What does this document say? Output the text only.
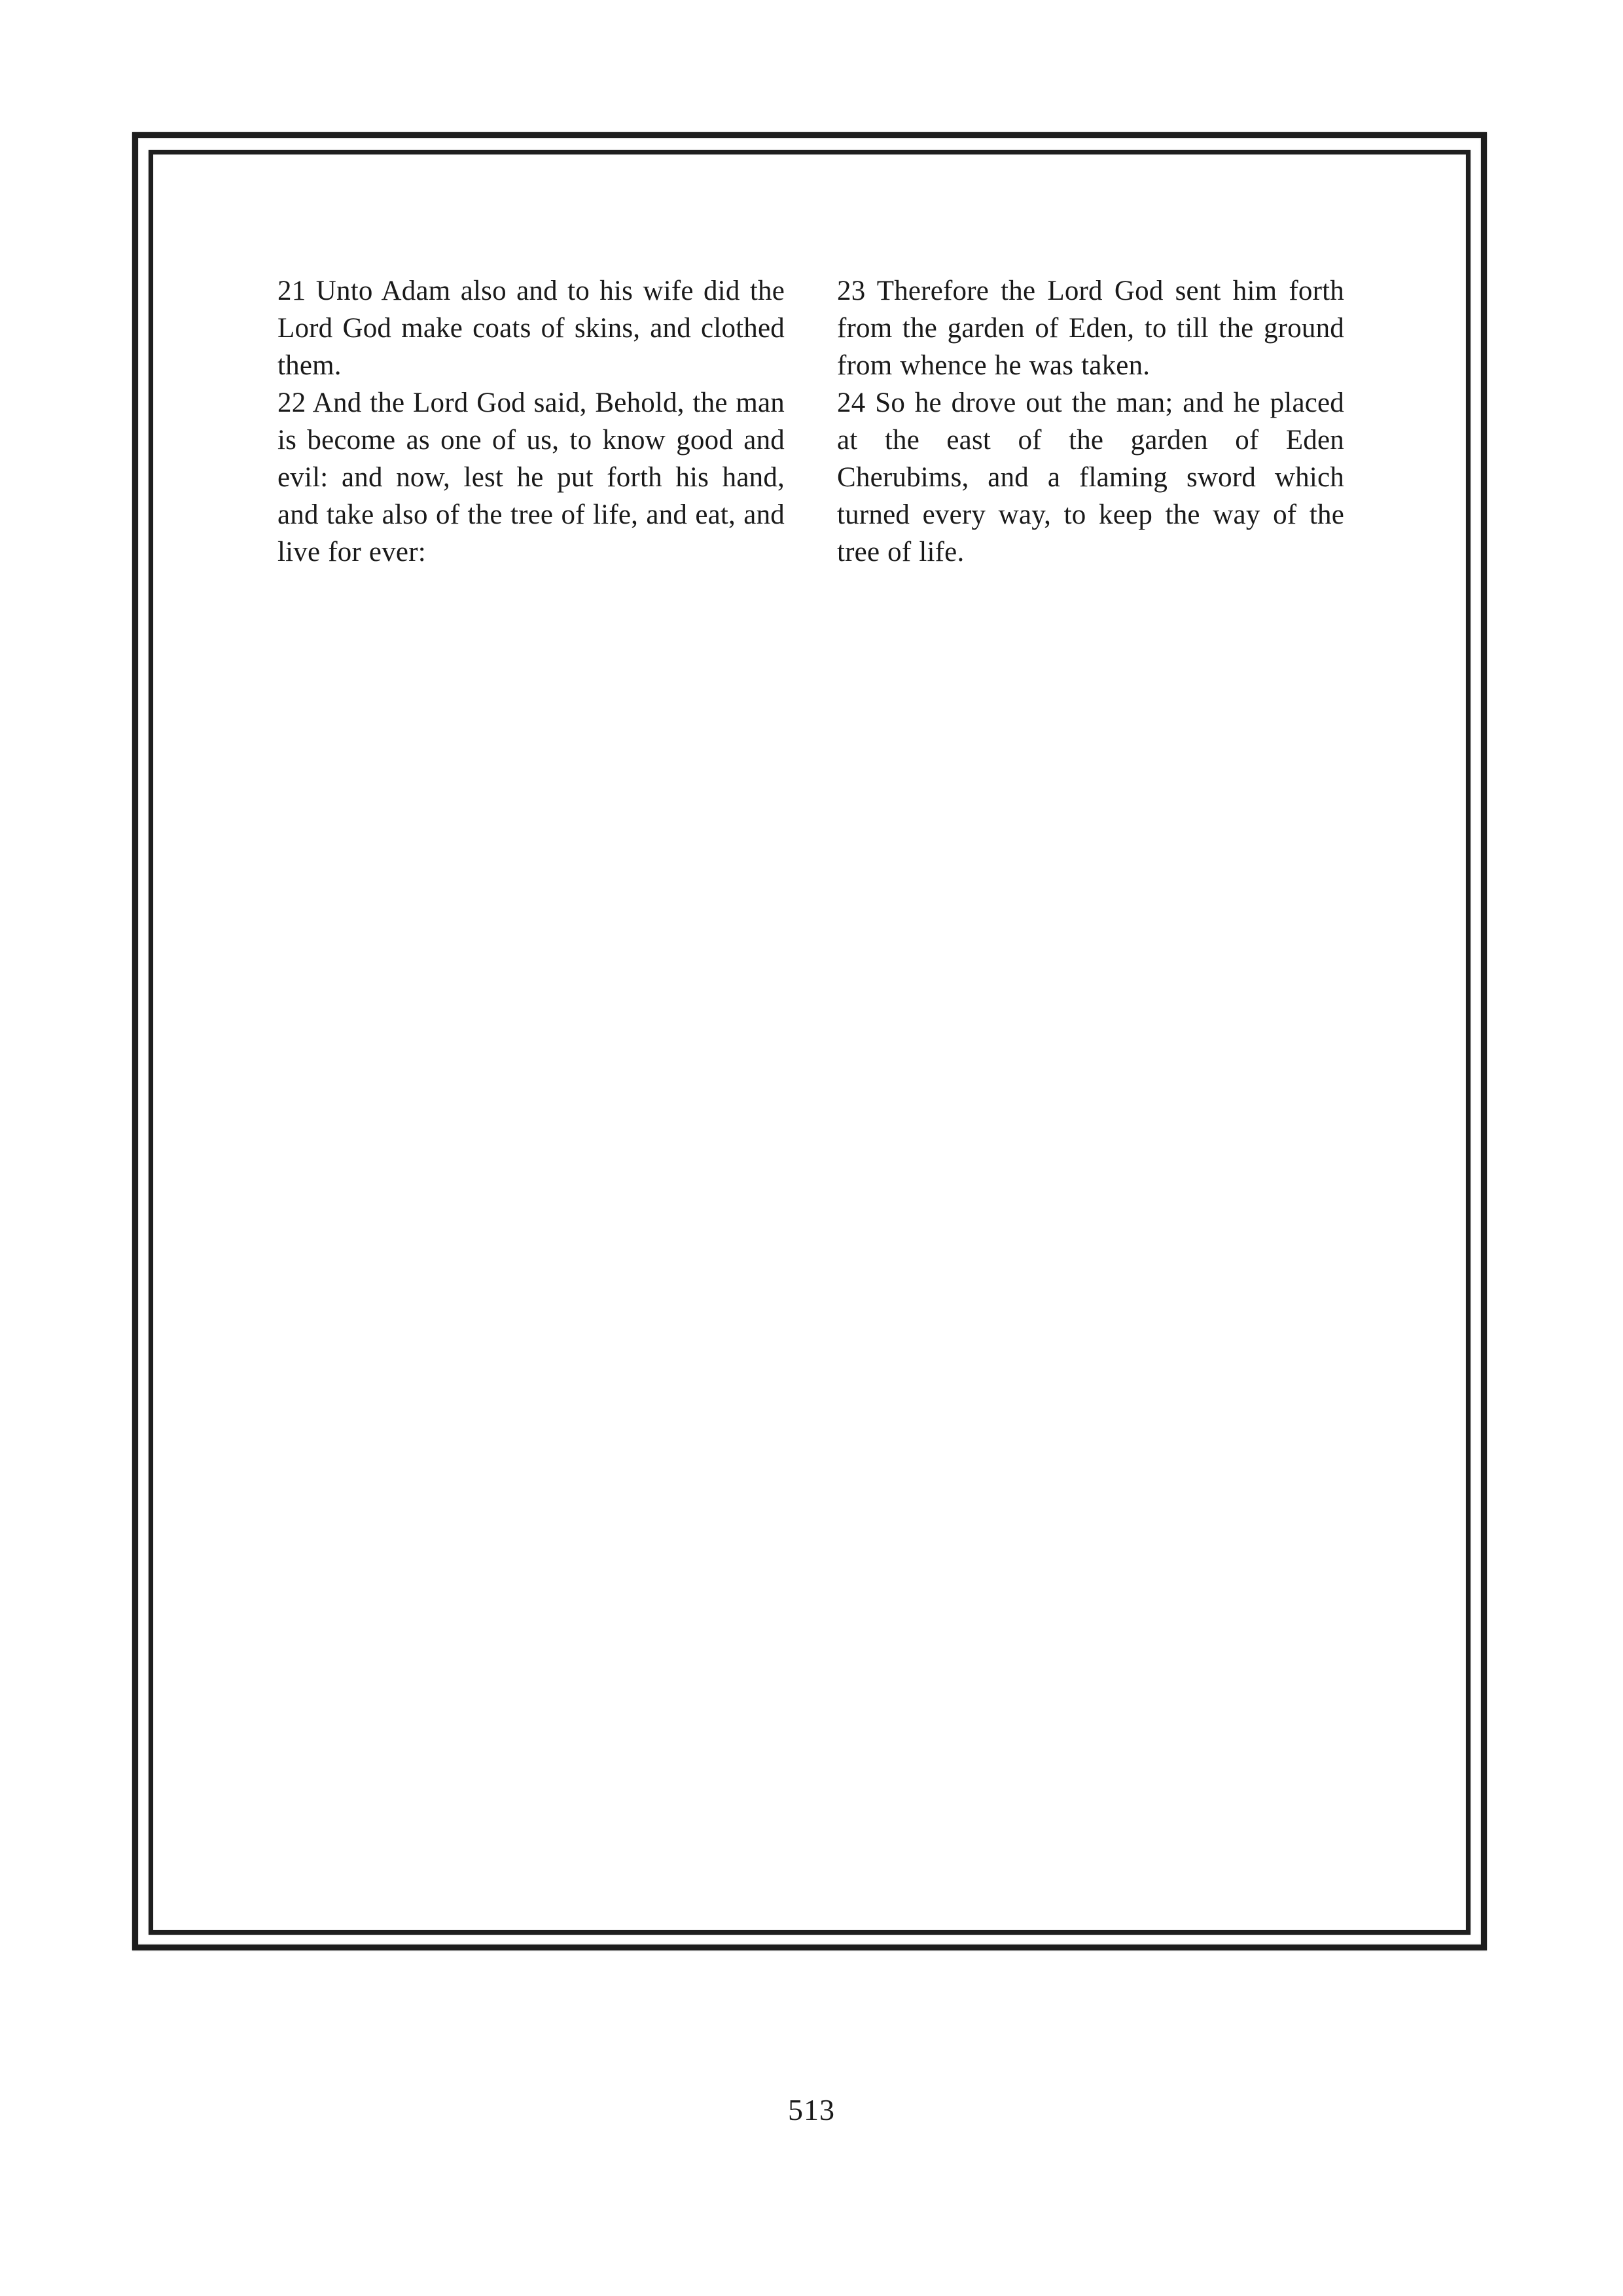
21 Unto Adam also and to his wife did the Lord God make coats of skins, and clothed them.

22 And the Lord God said, Behold, the man is become as one of us, to know good and evil: and now, lest he put forth his hand, and take also of the tree of life, and eat, and live for ever:

23 Therefore the Lord God sent him forth from the garden of Eden, to till the ground from whence he was taken.

24 So he drove out the man; and he placed at the east of the garden of Eden Cherubims, and a flaming sword which turned every way, to keep the way of the tree of life.

513
